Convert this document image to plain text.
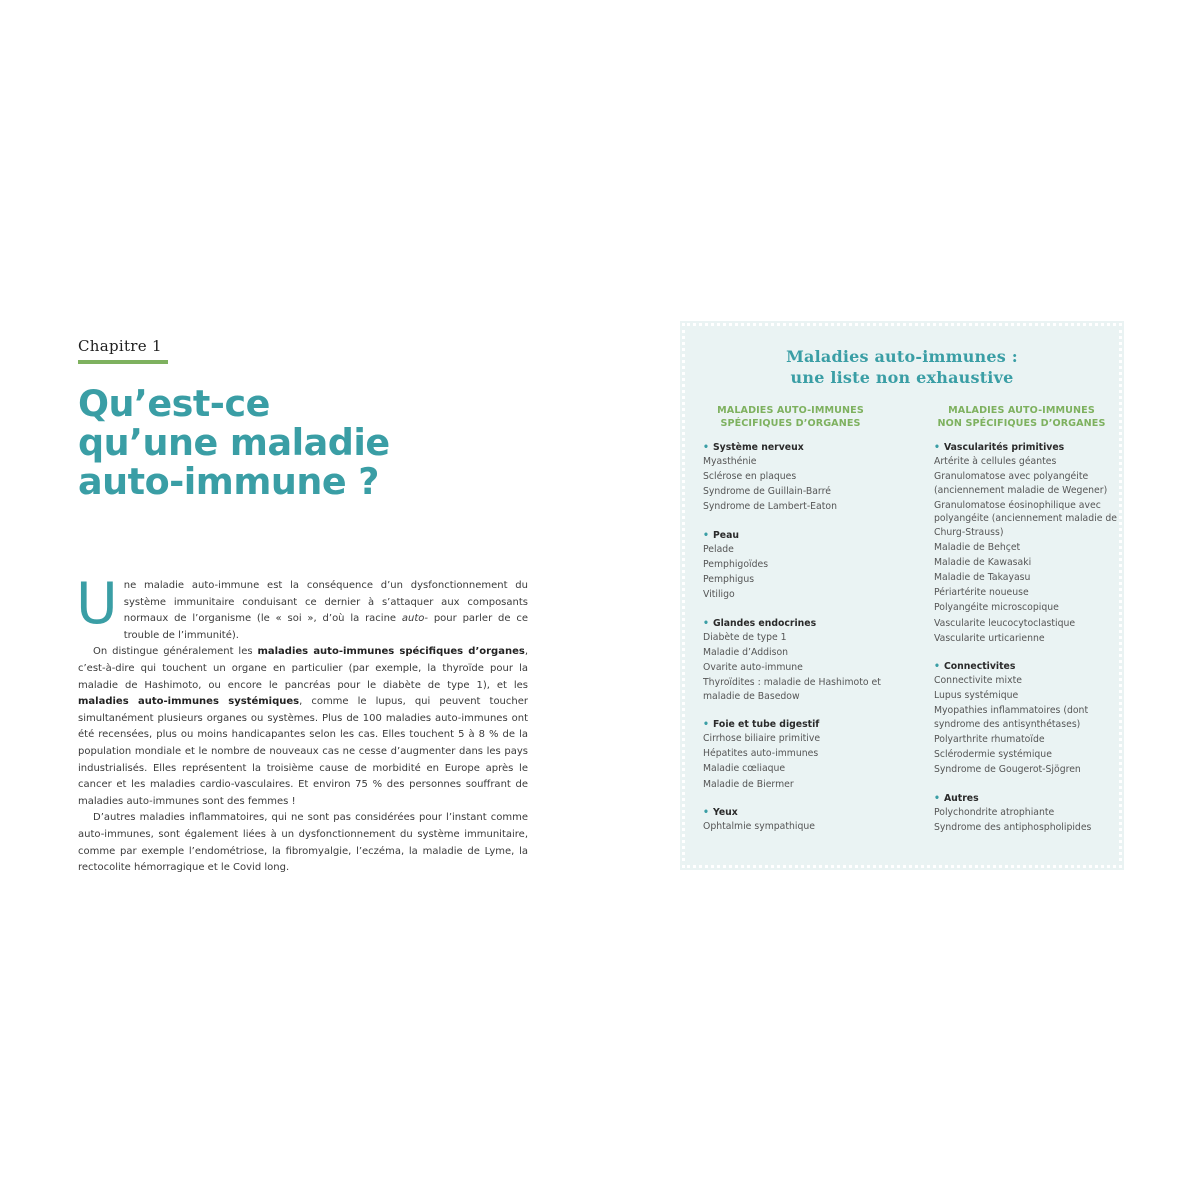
Chapitre 1
Qu’est-ce
qu’une maladie
auto-immune ?

Une maladie auto-immune est la conséquence d’un dysfonctionnement du système immunitaire conduisant ce dernier à s’attaquer aux composants normaux de l’organisme (le « soi », d’où la racine auto- pour parler de ce trouble de l’immunité).

On distingue généralement les maladies auto-immunes spécifiques d’organes, c’est-à-dire qui touchent un organe en particulier (par exemple, la thyroïde pour la maladie de Hashimoto, ou encore le pancréas pour le diabète de type 1), et les maladies auto-immunes systémiques, comme le lupus, qui peuvent toucher simultanément plusieurs organes ou systèmes. Plus de 100 maladies auto-immunes ont été recensées, plus ou moins handicapantes selon les cas. Elles touchent 5 à 8 % de la population mondiale et le nombre de nouveaux cas ne cesse d’augmenter dans les pays industrialisés. Elles représentent la troisième cause de morbidité en Europe après le cancer et les maladies cardio-vasculaires. Et environ 75 % des personnes souffrant de maladies auto-immunes sont des femmes !

D’autres maladies inflammatoires, qui ne sont pas considérées pour l’instant comme auto-immunes, sont également liées à un dysfonctionnement du système immunitaire, comme par exemple l’endométriose, la fibromyalgie, l’eczéma, la maladie de Lyme, la rectocolite hémorragique et le Covid long.

Maladies auto-immunes :
une liste non exhaustive
MALADIES AUTO-IMMUNES
SPÉCIFIQUES D’ORGANES
• Système nerveux
Myasthénie
Sclérose en plaques
Syndrome de Guillain-Barré
Syndrome de Lambert-Eaton
• Peau
Pelade
Pemphigoïdes
Pemphigus
Vitiligo
• Glandes endocrines
Diabète de type 1
Maladie d’Addison
Ovarite auto-immune
Thyroïdites : maladie de Hashimoto et maladie de Basedow
• Foie et tube digestif
Cirrhose biliaire primitive
Hépatites auto-immunes
Maladie cœliaque
Maladie de Biermer
• Yeux
Ophtalmie sympathique
MALADIES AUTO-IMMUNES
NON SPÉCIFIQUES D’ORGANES
• Vascularités primitives
Artérite à cellules géantes
Granulomatose avec polyangéite (anciennement maladie de Wegener)
Granulomatose éosinophilique avec polyangéite (anciennement maladie de Churg-Strauss)
Maladie de Behçet
Maladie de Kawasaki
Maladie de Takayasu
Périartérite noueuse
Polyangéite microscopique
Vascularite leucocytoclastique
Vascularite urticarienne
• Connectivites
Connectivite mixte
Lupus systémique
Myopathies inflammatoires (dont syndrome des antisynthétases)
Polyarthrite rhumatoïde
Sclérodermie systémique
Syndrome de Gougerot-Sjögren
• Autres
Polychondrite atrophiante
Syndrome des antiphospholipides
